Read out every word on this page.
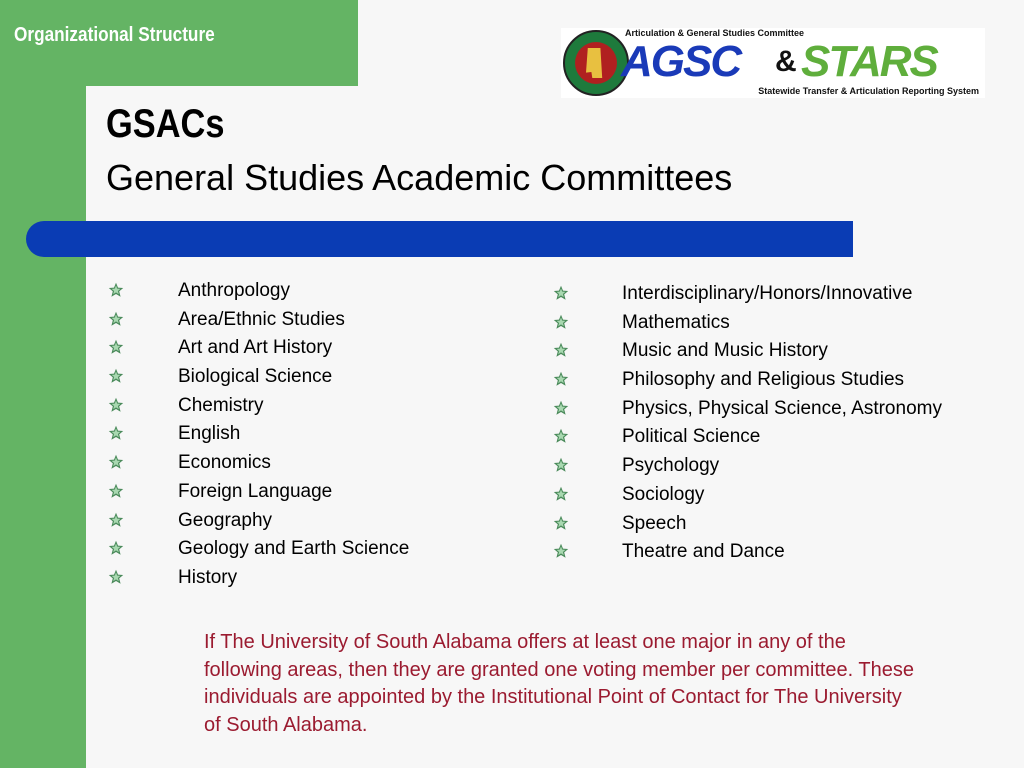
Organizational Structure	Articulation & General Studies Committee
AGSC & STARS
Statewide Transfer & Articulation Reporting System
GSACs
General Studies Academic Committees
Anthropology
Area/Ethnic Studies
Art and Art History
Biological Science
Chemistry
English
Economics
Foreign Language
Geography
Geology and Earth Science
History
Interdisciplinary/Honors/Innovative
Mathematics
Music and Music History
Philosophy and Religious Studies
Physics, Physical Science, Astronomy
Political Science
Psychology
Sociology
Speech
Theatre and Dance
If The University of South Alabama offers at least one major in any of the following areas, then they are granted one voting member per committee. These individuals are appointed by the Institutional Point of Contact for The University of South Alabama.
